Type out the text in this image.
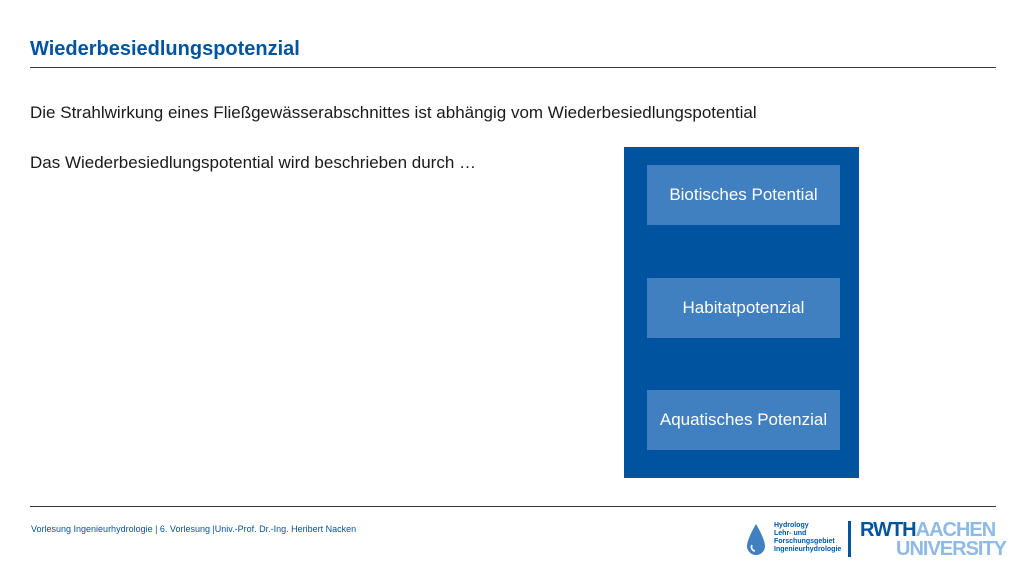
Wiederbesiedlungspotenzial

Die Strahlwirkung eines Fließgewässerabschnittes ist abhängig vom Wiederbesiedlungspotential

Das Wiederbesiedlungspotential wird beschrieben durch …

Biotisches Potential
Habitatpotenzial
Aquatisches Potenzial
Vorlesung Ingenieurhydrologie | 6. Vorlesung |Univ.-Prof. Dr.-Ing. Heribert Nacken	Hydrology
Lehr- und
Forschungsgebiet
Ingenieurhydrologie
RWTHAACHEN
UNIVERSITY
